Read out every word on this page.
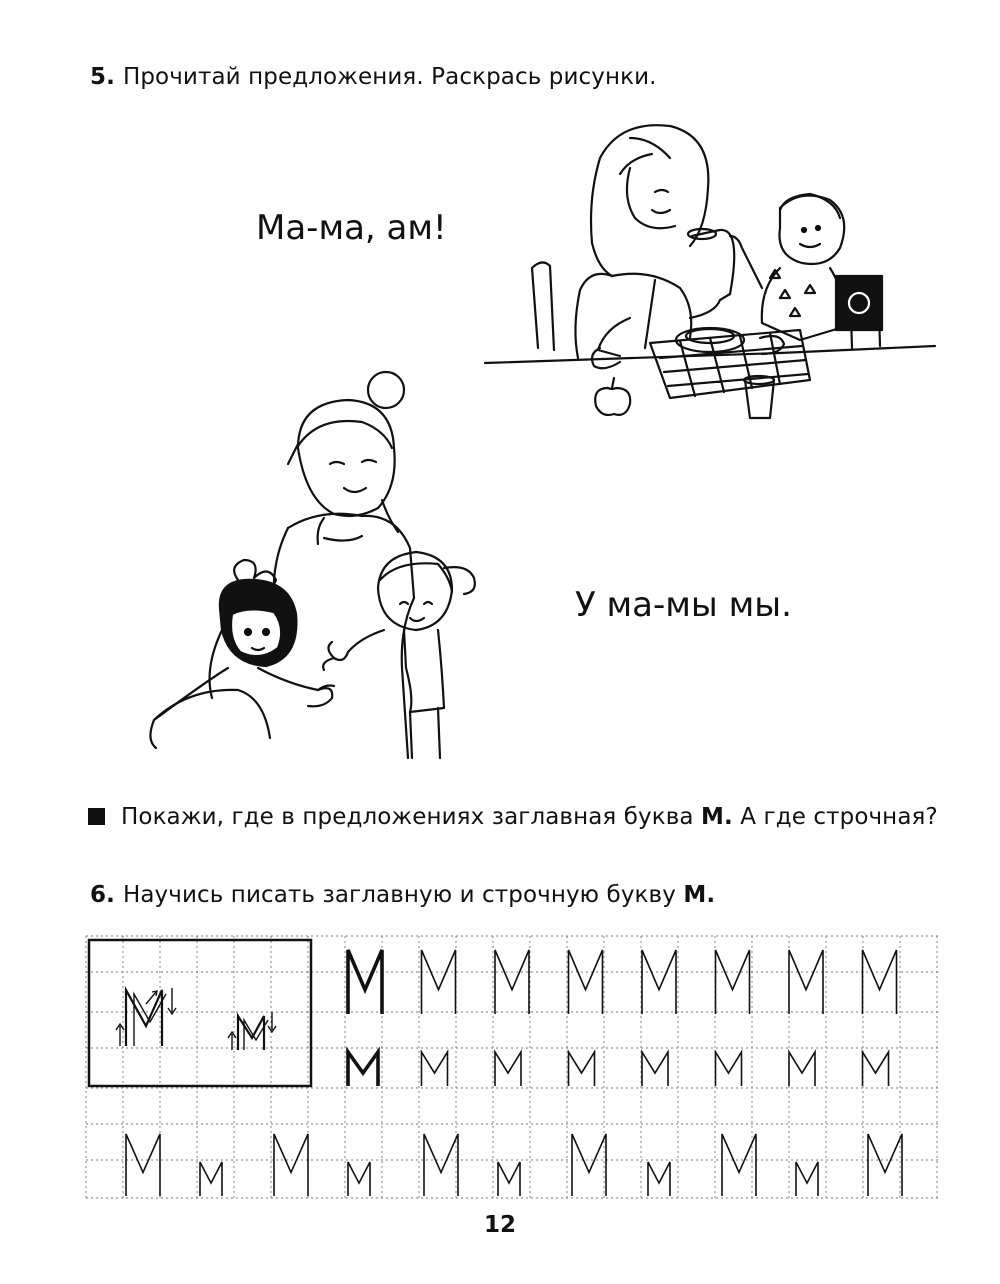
5. Прочитай предложения. Раскрась рисунки.
Ма-ма, ам!
У ма-мы мы.
Покажи, где в предложениях заглавная буква М. А где строчная?
6. Научись писать заглавную и строчную букву М.
12
